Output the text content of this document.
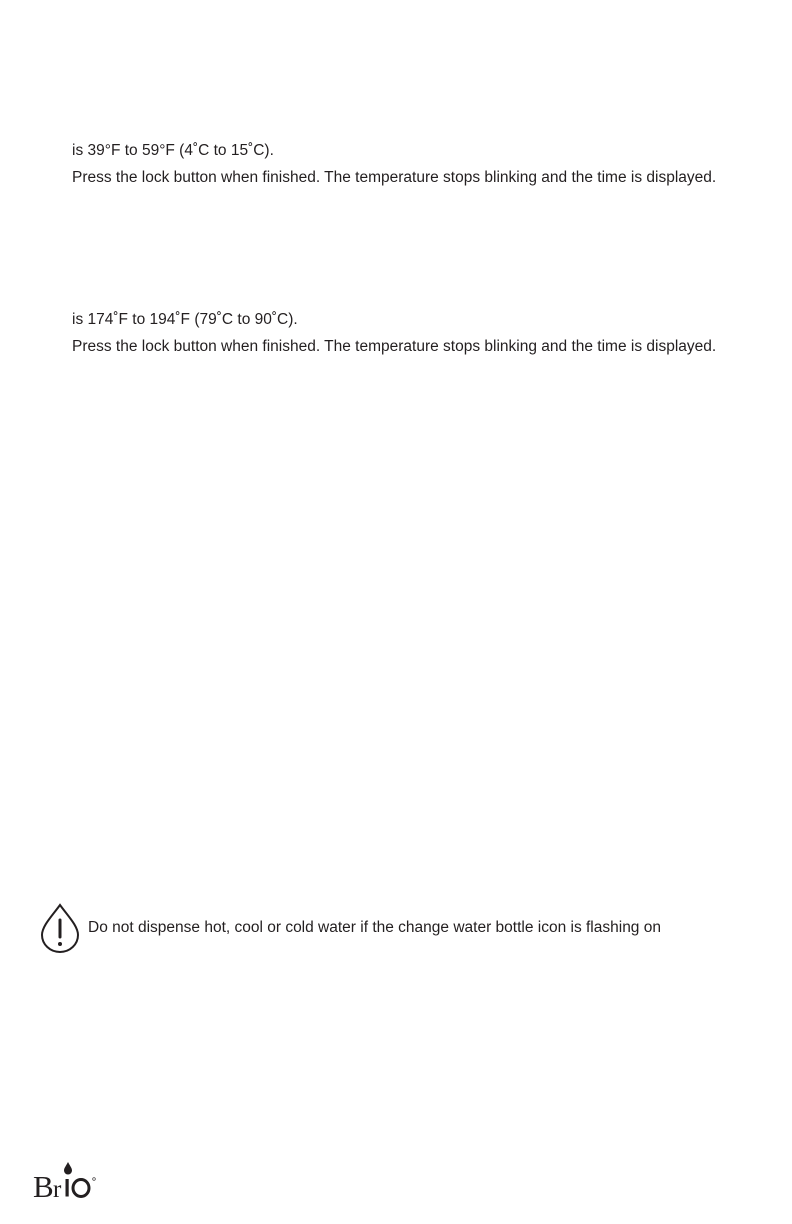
is 39°F to 59°F (4˚C to 15˚C).
Press the lock button when finished. The temperature stops blinking and the time is displayed.
is 174˚F to 194˚F (79˚C to 90˚C).
Press the lock button when finished. The temperature stops blinking and the time is displayed.
Do not dispense hot, cool or cold water if the change water bottle icon is flashing on
B r
